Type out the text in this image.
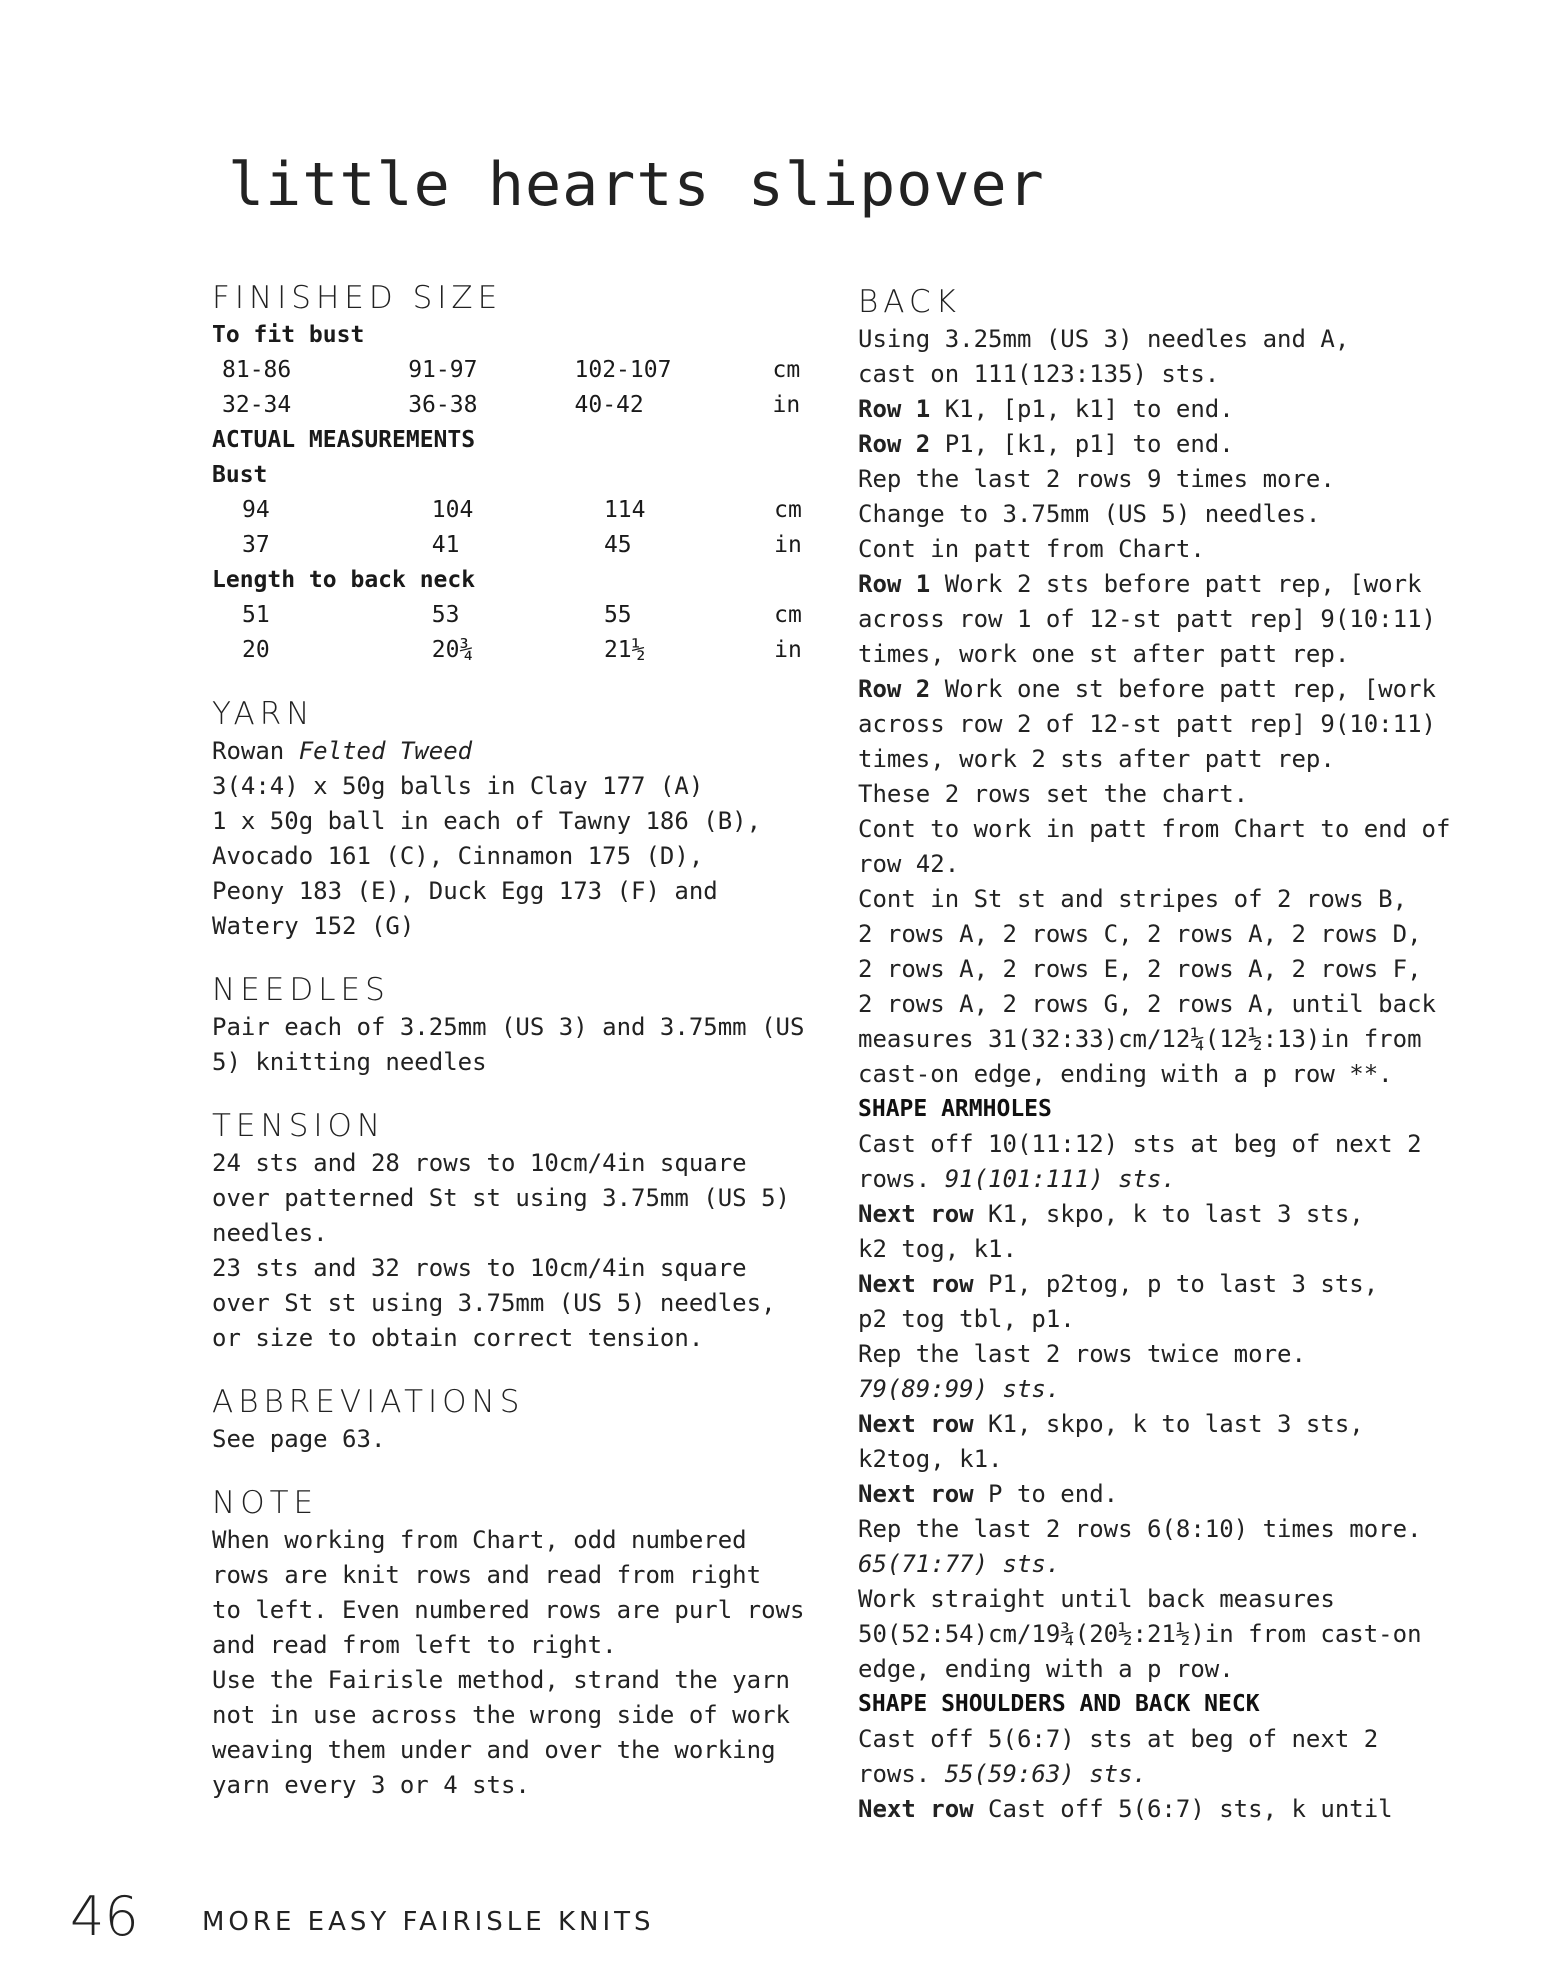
little hearts slipover
FINISHED SIZE
To fit bust
81-86	91-97	102-107	cm
32-34	36-38	40-42	in
ACTUAL MEASUREMENTS
Bust
94	104	114	cm
37	41	45	in
Length to back neck
51	53	55	cm
20	20¾	21½	in
YARN

Rowan Felted Tweed

3(4:4) x 50g balls in Clay 177 (A)

1 x 50g ball in each of Tawny 186 (B),

Avocado 161 (C), Cinnamon 175 (D),

Peony 183 (E), Duck Egg 173 (F) and

Watery 152 (G)

NEEDLES

Pair each of 3.25mm (US 3) and 3.75mm (US

5) knitting needles

TENSION

24 sts and 28 rows to 10cm/4in square

over patterned St st using 3.75mm (US 5)

needles.

23 sts and 32 rows to 10cm/4in square

over St st using 3.75mm (US 5) needles,

or size to obtain correct tension.

ABBREVIATIONS

See page 63.

NOTE

When working from Chart, odd numbered

rows are knit rows and read from right

to left. Even numbered rows are purl rows

and read from left to right.

Use the Fairisle method, strand the yarn

not in use across the wrong side of work

weaving them under and over the working

yarn every 3 or 4 sts.

BACK

Using 3.25mm (US 3) needles and A,

cast on 111(123:135) sts.

Row 1 K1, [p1, k1] to end.

Row 2 P1, [k1, p1] to end.

Rep the last 2 rows 9 times more.

Change to 3.75mm (US 5) needles.

Cont in patt from Chart.

Row 1 Work 2 sts before patt rep, [work

across row 1 of 12-st patt rep] 9(10:11)

times, work one st after patt rep.

Row 2 Work one st before patt rep, [work

across row 2 of 12-st patt rep] 9(10:11)

times, work 2 sts after patt rep.

These 2 rows set the chart.

Cont to work in patt from Chart to end of

row 42.

Cont in St st and stripes of 2 rows B,

2 rows A, 2 rows C, 2 rows A, 2 rows D,

2 rows A, 2 rows E, 2 rows A, 2 rows F,

2 rows A, 2 rows G, 2 rows A, until back

measures 31(32:33)cm/12¼(12½:13)in from

cast-on edge, ending with a p row **.

SHAPE ARMHOLES

Cast off 10(11:12) sts at beg of next 2

rows. 91(101:111) sts.

Next row K1, skpo, k to last 3 sts,

k2 tog, k1.

Next row P1, p2tog, p to last 3 sts,

p2 tog tbl, p1.

Rep the last 2 rows twice more.

79(89:99) sts.

Next row K1, skpo, k to last 3 sts,

k2tog, k1.

Next row P to end.

Rep the last 2 rows 6(8:10) times more.

65(71:77) sts.

Work straight until back measures

50(52:54)cm/19¾(20½:21½)in from cast-on

edge, ending with a p row.

SHAPE SHOULDERS AND BACK NECK

Cast off 5(6:7) sts at beg of next 2

rows. 55(59:63) sts.

Next row Cast off 5(6:7) sts, k until

46 MORE EASY FAIRISLE KNITS
